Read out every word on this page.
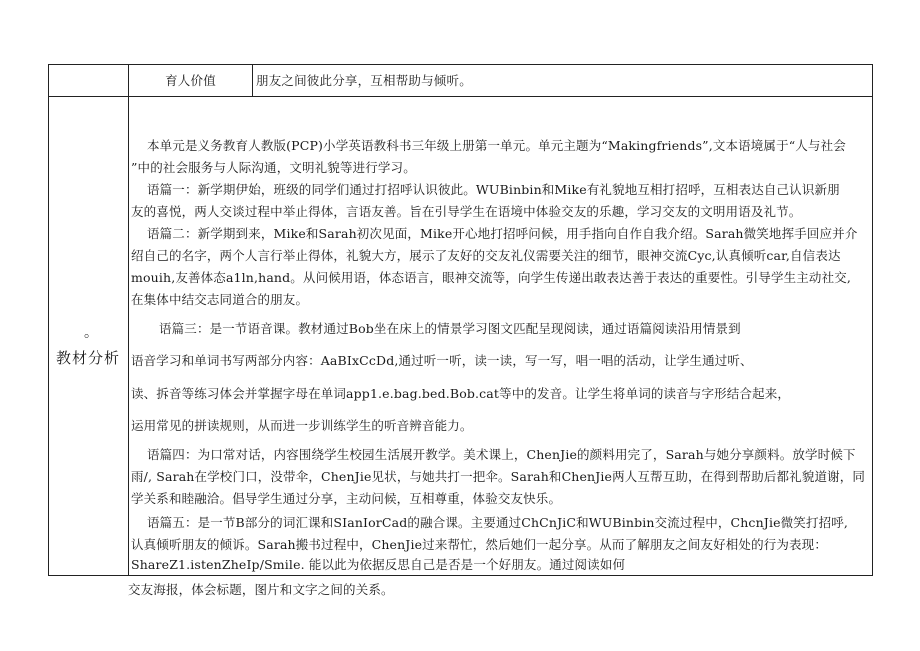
育人价值	朋友之间彼此分享，互相帮助与倾听。
。
教材分析
本单元是义务教育人教版(PCP)小学英语教科书三年级上册第一单元。单元主题为“Makingfriends”,文本语境属于“人与社会
”中的社会服务与人际沟通，文明礼貌等进行学习。
语篇一：新学期伊始，班级的同学们通过打招呼认识彼此。WUBinbin和Mike有礼貌地互相打招呼，互相表达自己认识新朋
友的喜悦，两人交谈过程中举止得体，言语友善。旨在引导学生在语境中体验交友的乐趣，学习交友的文明用语及礼节。
语篇二：新学期到来，Mike和Sarah初次见面，Mike开心地打招呼问候，用手指向自作自我介绍。Sarah微笑地挥手回应并介
绍自己的名字，两个人言行举止得体，礼貌大方，展示了友好的交友礼仪需要关注的细节，眼神交流Cyc,认真倾听car,自信表达
mouih,友善体态a1ln,hand。从问候用语，体态语言，眼神交流等，向学生传递出敢表达善于表达的重要性。引导学生主动社交,
在集体中结交志同道合的朋友。
语篇三：是一节语音课。教材通过Bob坐在床上的情景学习图文匹配呈现阅读，通过语篇阅读沿用情景到
语音学习和单词书写两部分内容：AaBIxCcDd,通过听一听，读一读，写一写，唱一唱的活动，让学生通过听、
读、拆音等练习体会并掌握字母在单词app1.e.bag.bed.Bob.cat等中的发音。让学生将单词的读音与字形结合起来，
运用常见的拼读规则，从而进一步训练学生的听音辨音能力。
语篇四：为口常对话，内容围绕学生校园生活展开教学。美术课上，ChenJie的颜料用完了，Sarah与她分享颜料。放学时候下
雨/, Sarah在学校门口，没带伞，ChenJie见状，与她共打一把伞。Sarah和ChenJie两人互帮互助，在得到帮助后都礼貌道谢，同
学关系和睦融洽。倡导学生通过分享，主动问候，互相尊重，体验交友快乐。
语篇五：是一节B部分的词汇课和SIanIorCad的融合课。主要通过ChCnJiC和WUBinbin交流过程中，ChcnJie微笑打招呼,
认真倾听朋友的倾诉。Sarah搬书过程中，ChenJie过来帮忙，然后她们一起分享。从而了解朋友之间友好相处的行为表现：
ShareZ1.istenZheIp/Smile. 能以此为依据反思自己是否是一个好朋友。通过阅读如何
交友海报，体会标题，图片和文字之间的关系。
